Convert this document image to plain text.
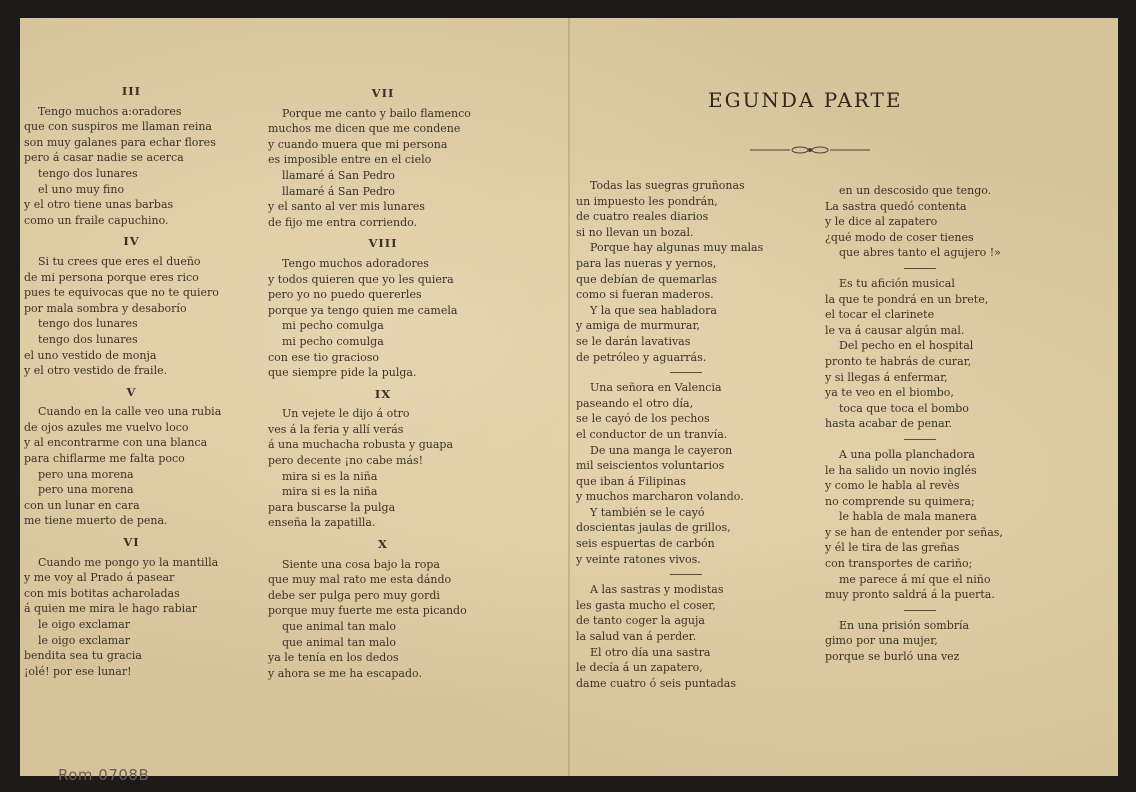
III

Tengo muchos a:oradores

que con suspiros me llaman reina

son muy galanes para echar flores

pero á casar nadie se acerca

tengo dos lunares

el uno muy fino

y el otro tiene unas barbas

como un fraile capuchino.

IV

Si tu crees que eres el dueño

de mi persona porque eres rico

pues te equivocas que no te quiero

por mala sombra y desaborío

tengo dos lunares

tengo dos lunares

el uno vestido de monja

y el otro vestido de fraile.

V

Cuando en la calle veo una rubia

de ojos azules me vuelvo loco

y al encontrarme con una blanca

para chiflarme me falta poco

pero una morena

pero una morena

con un lunar en cara

me tiene muerto de pena.

VI

Cuando me pongo yo la mantilla

y me voy al Prado á pasear

con mis botitas acharoladas

á quien me mira le hago rabiar

le oigo exclamar

le oigo exclamar

bendita sea tu gracia

¡olé! por ese lunar!

VII

Porque me canto y bailo flamenco

muchos me dicen que me condene

y cuando muera que mi persona

es imposible entre en el cielo

llamaré á San Pedro

llamaré á San Pedro

y el santo al ver mis lunares

de fijo me entra corriendo.

VIII

Tengo muchos adoradores

y todos quieren que yo les quiera

pero yo no puedo quererles

porque ya tengo quien me camela

mi pecho comulga

mi pecho comulga

con ese tio gracioso

que siempre pide la pulga.

IX

Un vejete le dijo á otro

ves á la feria y allí verás

á una muchacha robusta y guapa

pero decente ¡no cabe más!

mira si es la niña

mira si es la niña

para buscarse la pulga

enseña la zapatilla.

X

Siente una cosa bajo la ropa

que muy mal rato me esta dándo

debe ser pulga pero muy gordi

porque muy fuerte me esta picando

que animal tan malo

que animal tan malo

ya le tenía en los dedos

y ahora se me ha escapado.

EGUNDA PARTE

Todas las suegras gruñonas

un impuesto les pondrán,

de cuatro reales diarios

si no llevan un bozal.

Porque hay algunas muy malas

para las nueras y yernos,

que debían de quemarlas

como si fueran maderos.

Y la que sea habladora

y amiga de murmurar,

se le darán lavativas

de petróleo y aguarrás.

Una señora en Valencia

paseando el otro día,

se le cayó de los pechos

el conductor de un tranvía.

De una manga le cayeron

mil seiscientos voluntarios

que iban á Filipinas

y muchos marcharon volando.

Y también se le cayó

doscientas jaulas de grillos,

seis espuertas de carbón

y veinte ratones vivos.

A las sastras y modistas

les gasta mucho el coser,

de tanto coger la aguja

la salud van á perder.

El otro día una sastra

le decía á un zapatero,

dame cuatro ó seis puntadas

en un descosido que tengo.

La sastra quedó contenta

y le dice al zapatero

¿qué modo de coser tienes

que abres tanto el agujero !»

Es tu afición musical

la que te pondrá en un brete,

el tocar el clarinete

le va á causar algún mal.

Del pecho en el hospital

pronto te habrás de curar,

y si llegas á enfermar,

ya te veo en el biombo,

toca que toca el bombo

hasta acabar de penar.

A una polla planchadora

le ha salido un novio inglés

y como le habla al revès

no comprende su quimera;

le habla de mala manera

y se han de entender por señas,

y él le tira de las greñas

con transportes de cariño;

me parece á mí que el niño

muy pronto saldrá á la puerta.

En una prisión sombría

gimo por una mujer,

porque se burló una vez

Rom 0708B
